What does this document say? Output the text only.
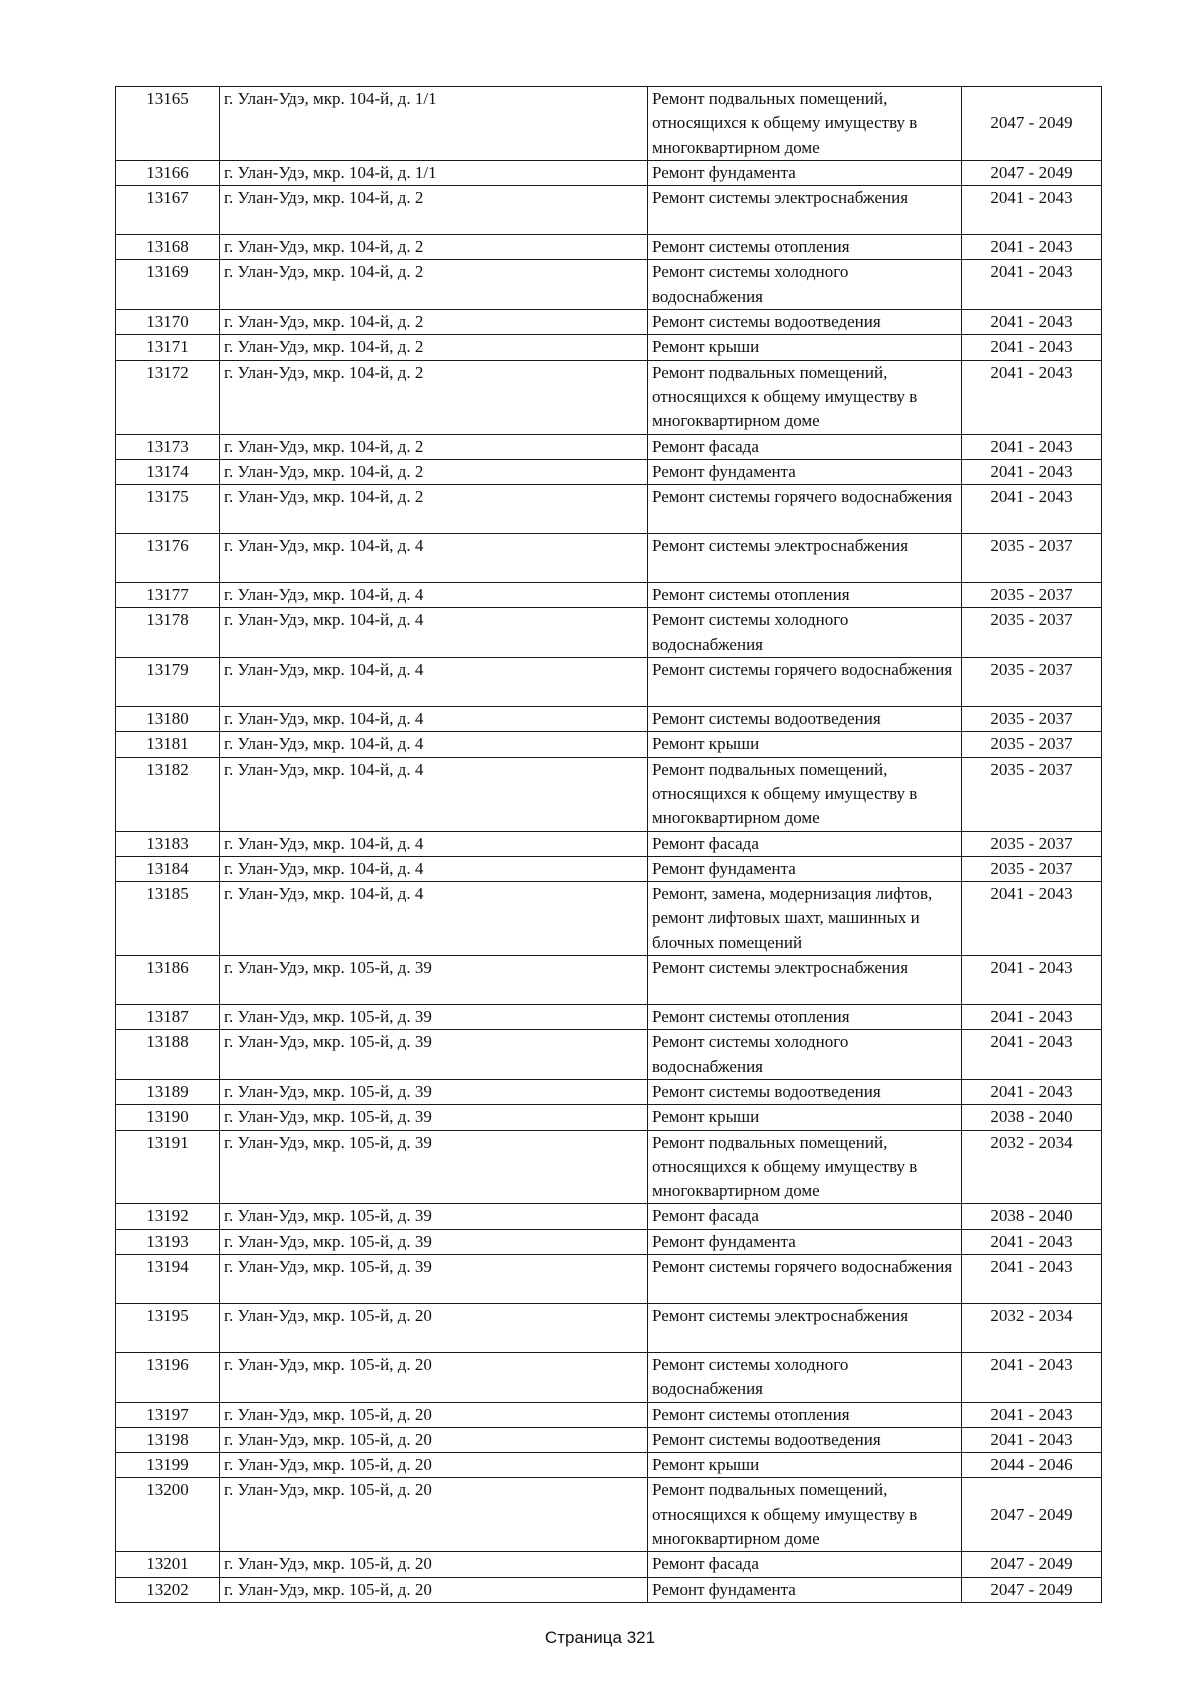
13165	г. Улан-Удэ, мкр. 104-й, д. 1/1	Ремонт подвальных помещений, относящихся к общему имуществу в многоквартирном доме	2047 - 2049
13166	г. Улан-Удэ, мкр. 104-й, д. 1/1	Ремонт фундамента	2047 - 2049
13167	г. Улан-Удэ, мкр. 104-й, д. 2	Ремонт системы электроснабжения	2041 - 2043
13168	г. Улан-Удэ, мкр. 104-й, д. 2	Ремонт системы отопления	2041 - 2043
13169	г. Улан-Удэ, мкр. 104-й, д. 2	Ремонт системы холодного водоснабжения	2041 - 2043
13170	г. Улан-Удэ, мкр. 104-й, д. 2	Ремонт системы водоотведения	2041 - 2043
13171	г. Улан-Удэ, мкр. 104-й, д. 2	Ремонт крыши	2041 - 2043
13172	г. Улан-Удэ, мкр. 104-й, д. 2	Ремонт подвальных помещений, относящихся к общему имуществу в многоквартирном доме	2041 - 2043
13173	г. Улан-Удэ, мкр. 104-й, д. 2	Ремонт фасада	2041 - 2043
13174	г. Улан-Удэ, мкр. 104-й, д. 2	Ремонт фундамента	2041 - 2043
13175	г. Улан-Удэ, мкр. 104-й, д. 2	Ремонт системы горячего водоснабжения	2041 - 2043
13176	г. Улан-Удэ, мкр. 104-й, д. 4	Ремонт системы электроснабжения	2035 - 2037
13177	г. Улан-Удэ, мкр. 104-й, д. 4	Ремонт системы отопления	2035 - 2037
13178	г. Улан-Удэ, мкр. 104-й, д. 4	Ремонт системы холодного водоснабжения	2035 - 2037
13179	г. Улан-Удэ, мкр. 104-й, д. 4	Ремонт системы горячего водоснабжения	2035 - 2037
13180	г. Улан-Удэ, мкр. 104-й, д. 4	Ремонт системы водоотведения	2035 - 2037
13181	г. Улан-Удэ, мкр. 104-й, д. 4	Ремонт крыши	2035 - 2037
13182	г. Улан-Удэ, мкр. 104-й, д. 4	Ремонт подвальных помещений, относящихся к общему имуществу в многоквартирном доме	2035 - 2037
13183	г. Улан-Удэ, мкр. 104-й, д. 4	Ремонт фасада	2035 - 2037
13184	г. Улан-Удэ, мкр. 104-й, д. 4	Ремонт фундамента	2035 - 2037
13185	г. Улан-Удэ, мкр. 104-й, д. 4	Ремонт, замена, модернизация лифтов, ремонт лифтовых шахт, машинных и блочных помещений	2041 - 2043
13186	г. Улан-Удэ, мкр. 105-й, д. 39	Ремонт системы электроснабжения	2041 - 2043
13187	г. Улан-Удэ, мкр. 105-й, д. 39	Ремонт системы отопления	2041 - 2043
13188	г. Улан-Удэ, мкр. 105-й, д. 39	Ремонт системы холодного водоснабжения	2041 - 2043
13189	г. Улан-Удэ, мкр. 105-й, д. 39	Ремонт системы водоотведения	2041 - 2043
13190	г. Улан-Удэ, мкр. 105-й, д. 39	Ремонт крыши	2038 - 2040
13191	г. Улан-Удэ, мкр. 105-й, д. 39	Ремонт подвальных помещений, относящихся к общему имуществу в многоквартирном доме	2032 - 2034
13192	г. Улан-Удэ, мкр. 105-й, д. 39	Ремонт фасада	2038 - 2040
13193	г. Улан-Удэ, мкр. 105-й, д. 39	Ремонт фундамента	2041 - 2043
13194	г. Улан-Удэ, мкр. 105-й, д. 39	Ремонт системы горячего водоснабжения	2041 - 2043
13195	г. Улан-Удэ, мкр. 105-й, д. 20	Ремонт системы электроснабжения	2032 - 2034
13196	г. Улан-Удэ, мкр. 105-й, д. 20	Ремонт системы холодного водоснабжения	2041 - 2043
13197	г. Улан-Удэ, мкр. 105-й, д. 20	Ремонт системы отопления	2041 - 2043
13198	г. Улан-Удэ, мкр. 105-й, д. 20	Ремонт системы водоотведения	2041 - 2043
13199	г. Улан-Удэ, мкр. 105-й, д. 20	Ремонт крыши	2044 - 2046
13200	г. Улан-Удэ, мкр. 105-й, д. 20	Ремонт подвальных помещений, относящихся к общему имуществу в многоквартирном доме	2047 - 2049
13201	г. Улан-Удэ, мкр. 105-й, д. 20	Ремонт фасада	2047 - 2049
13202	г. Улан-Удэ, мкр. 105-й, д. 20	Ремонт фундамента	2047 - 2049
Страница 321
